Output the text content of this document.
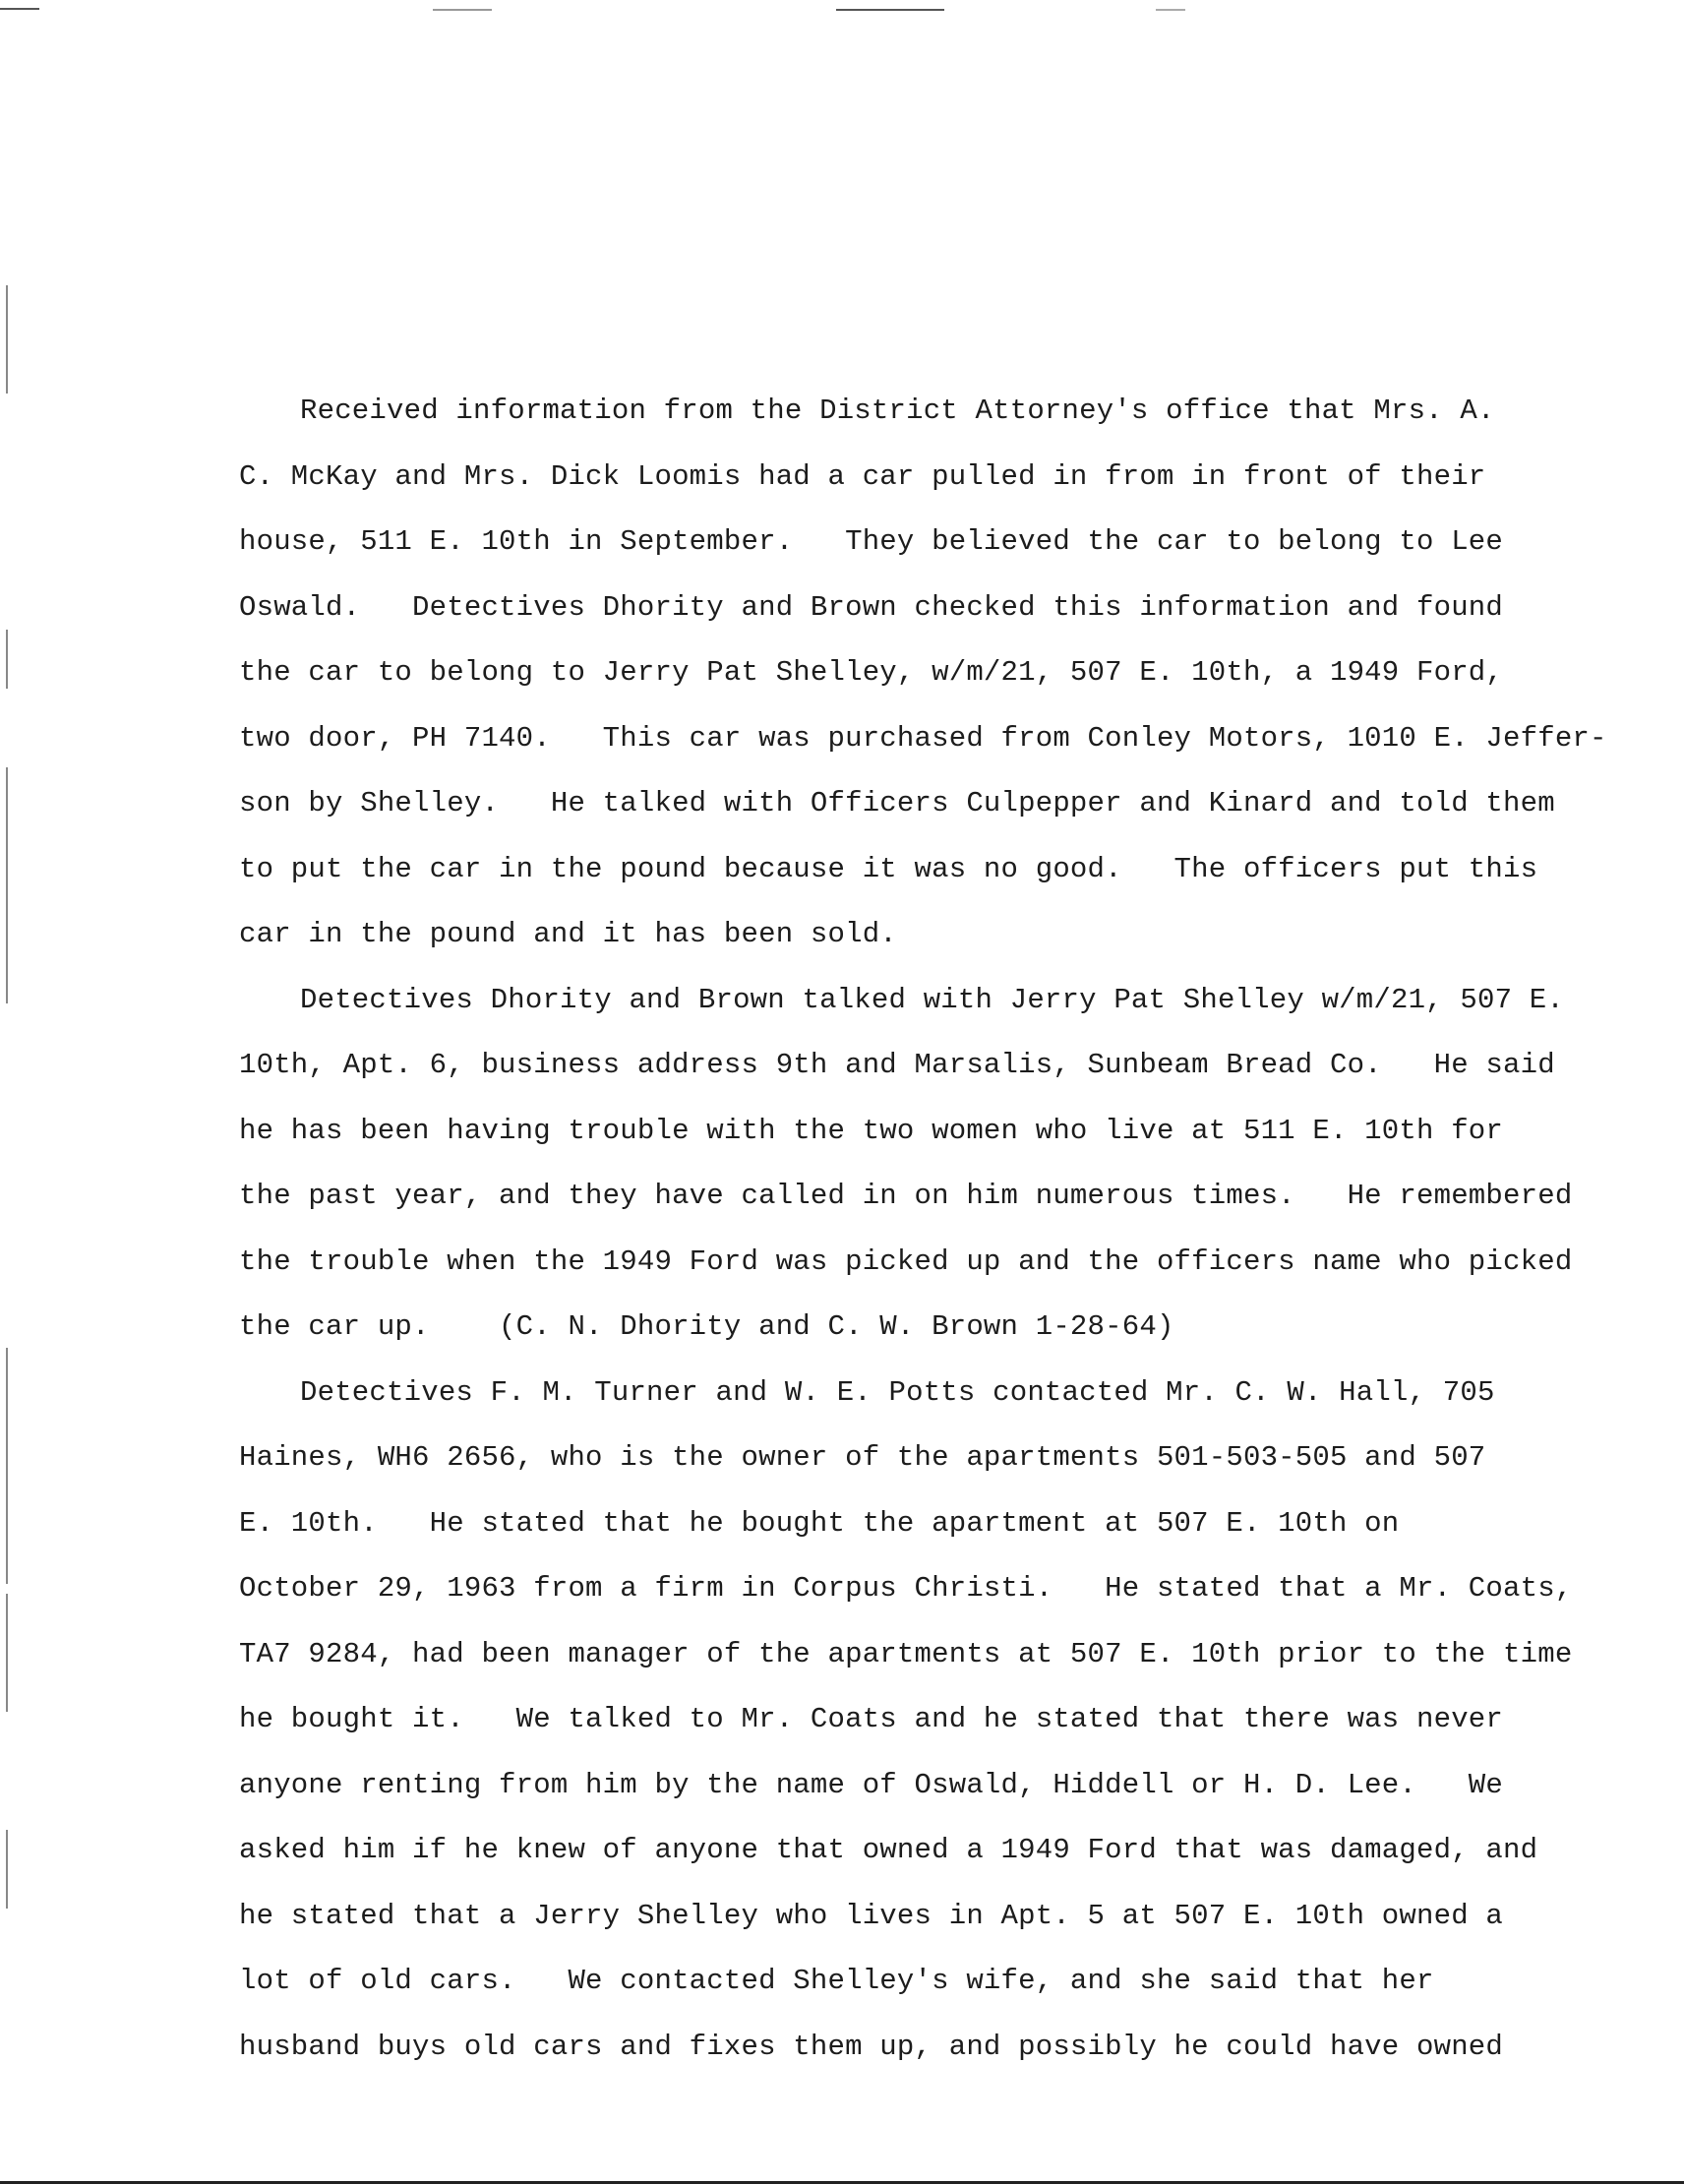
Received information from the District Attorney's office that Mrs. A.
C. McKay and Mrs. Dick Loomis had a car pulled in from in front of their
house, 511 E. 10th in September.   They believed the car to belong to Lee
Oswald.   Detectives Dhority and Brown checked this information and found
the car to belong to Jerry Pat Shelley, w/m/21, 507 E. 10th, a 1949 Ford,
two door, PH 7140.   This car was purchased from Conley Motors, 1010 E. Jeffer-
son by Shelley.   He talked with Officers Culpepper and Kinard and told them
to put the car in the pound because it was no good.   The officers put this
car in the pound and it has been sold.
Detectives Dhority and Brown talked with Jerry Pat Shelley w/m/21, 507 E.
10th, Apt. 6, business address 9th and Marsalis, Sunbeam Bread Co.   He said
he has been having trouble with the two women who live at 511 E. 10th for
the past year, and they have called in on him numerous times.   He remembered
the trouble when the 1949 Ford was picked up and the officers name who picked
the car up.    (C. N. Dhority and C. W. Brown 1-28-64)
Detectives F. M. Turner and W. E. Potts contacted Mr. C. W. Hall, 705
Haines, WH6 2656, who is the owner of the apartments 501-503-505 and 507
E. 10th.   He stated that he bought the apartment at 507 E. 10th on
October 29, 1963 from a firm in Corpus Christi.   He stated that a Mr. Coats,
TA7 9284, had been manager of the apartments at 507 E. 10th prior to the time
he bought it.   We talked to Mr. Coats and he stated that there was never
anyone renting from him by the name of Oswald, Hiddell or H. D. Lee.   We
asked him if he knew of anyone that owned a 1949 Ford that was damaged, and
he stated that a Jerry Shelley who lives in Apt. 5 at 507 E. 10th owned a
lot of old cars.   We contacted Shelley's wife, and she said that her
husband buys old cars and fixes them up, and possibly he could have owned
